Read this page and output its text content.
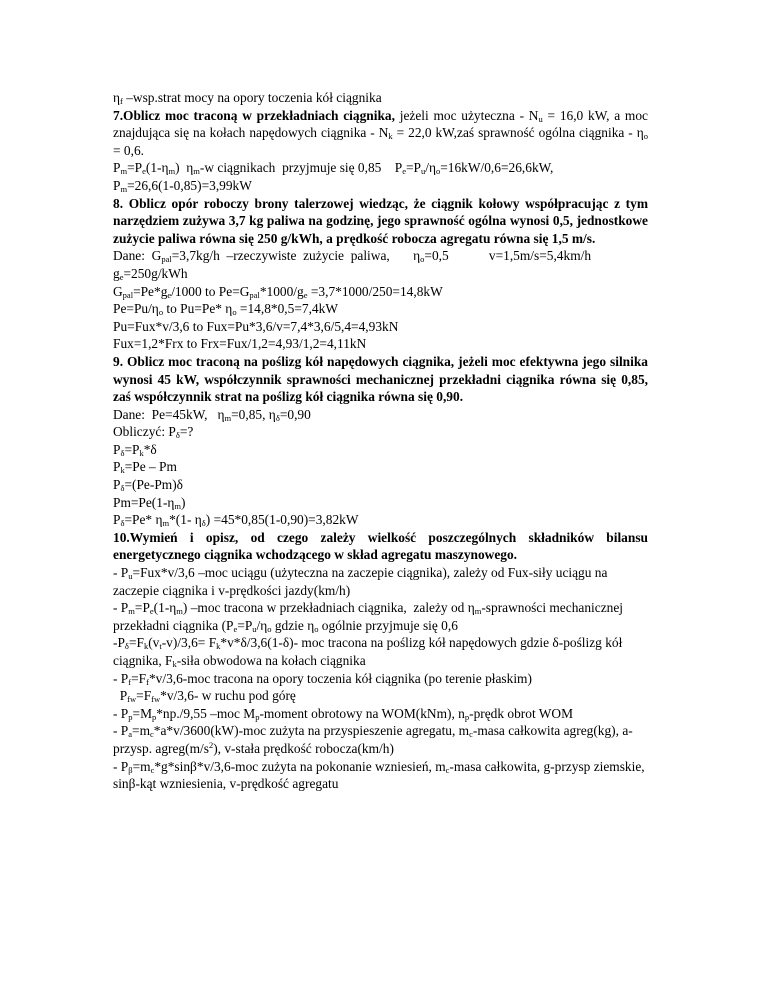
$\eta_f$ –wsp.strat mocy na opory toczenia kół ciągnika

7.Oblicz moc traconą w przekładniach ciągnika, jeżeli moc użyteczna - $N_u = 16,0$ kW, a moc znajdująca się na kołach napędowych ciągnika - $N_k = 22,0$ kW,zaś sprawność ogólna ciągnika - $\eta_o = 0,6$.

$P_m=P_e(1-\eta_m)$  $\eta_m-w$ ciągnikach  przyjmuje się 0,85    $P_e=P_u/\eta_o=16kW/0,6=26,6kW$,

$P_m=26,6(1-0,85)=3,99kW$

8. Oblicz opór roboczy brony talerzowej wiedząc, że ciągnik kołowy współpracując z tym narzędziem zużywa 3,7 kg paliwa na godzinę, jego sprawność ogólna wynosi 0,5, jednostkowe zużycie paliwa równa się 250 g/kWh, a prędkość robocza agregatu równa się 1,5 m/s.

Dane:  $G_{pal}=3,7kg/h$  –rzeczywiste  zużycie  paliwa,       $\eta_o=0,5$            v=1,5m/s=5,4km/h

$g_e=250g$/kWh

$G_{pal}=Pe*g_e/1000$ to $Pe=G_{pal}*1000/g_e =3,7*1000/250=14,8kW$

$Pe=Pu/\eta_o$ to Pu=Pe* $\eta_o =14,8*0,5=7,4kW$

Pu=Fux*v/3,6 to Fux=Pu*3,6/v=7,4*3,6/5,4=4,93kN

Fux=1,2*Frx to Frx=Fux/1,2=4,93/1,2=4,11kN

9. Oblicz moc traconą na poślizg kół napędowych ciągnika, jeżeli moc efektywna jego silnika wynosi 45 kW, współczynnik sprawności mechanicznej przekładni ciągnika równa się 0,85, zaś współczynnik strat na poślizg kół ciągnika równa się 0,90.

Dane:  Pe=45kW,   $\eta_m=0,85$, $\eta_\delta=0,90$

Obliczyć: $P_\delta=$?

$P_\delta=P_k*\delta$

$P_k=Pe - Pm$

$P_\delta=(Pe-Pm)\delta$

$Pm=Pe(1-\eta_m)$

$P_\delta=Pe*$ $\eta_m*(1-$ $\eta_\delta) =45*0,85(1-0,90)=3,82kW$

10.Wymień i opisz, od czego zależy wielkość poszczególnych składników bilansu energetycznego ciągnika wchodzącego w skład agregatu maszynowego.

- $P_u=Fux*v/3,6$ –moc uciągu (użyteczna na zaczepie ciągnika), zależy od Fux-siły uciągu na zaczepie ciągnika i v-prędkości jazdy(km/h)

- $P_m=P_e(1-\eta_m)$ –moc tracona w przekładniach ciągnika,  zależy od $\eta_m$-sprawności mechanicznej przekładni ciągnika ($P_e=P_u/\eta_o$ gdzie $\eta_o$ ogólnie przyjmuje się 0,6

$-P_\delta=F_k(v_t-v)/3,6= F_k*v*\delta/3,6(1-\delta)-$ moc tracona na poślizg kół napędowych gdzie δ-poślizg kół ciągnika, $F_k$-siła obwodowa na kołach ciągnika

- $P_f=F_f*v/3,6$-moc tracona na opory toczenia kół ciągnika (po terenie płaskim)

$P_{fw}=F_{fw}*v/3,6-$ w ruchu pod górę

- $P_p=M_p*np./9,55$ –moc $M_p$-moment obrotowy na WOM(kNm), $n_p$-prędk obrot WOM

- $P_a=m_c*a*v/3600(kW)$-moc zużyta na przyspieszenie agregatu, $m_c$-masa całkowita agreg(kg), a-przysp. $agreg(m/s^2)$, v-stała prędkość robocza(km/h)

- $P_\beta=m_c*g*\sin\beta*v/3,6$-moc zużyta na pokonanie wzniesień, $m_c$-masa całkowita, g-przysp ziemskie, sinβ-kąt wzniesienia, v-prędkość agregatu
